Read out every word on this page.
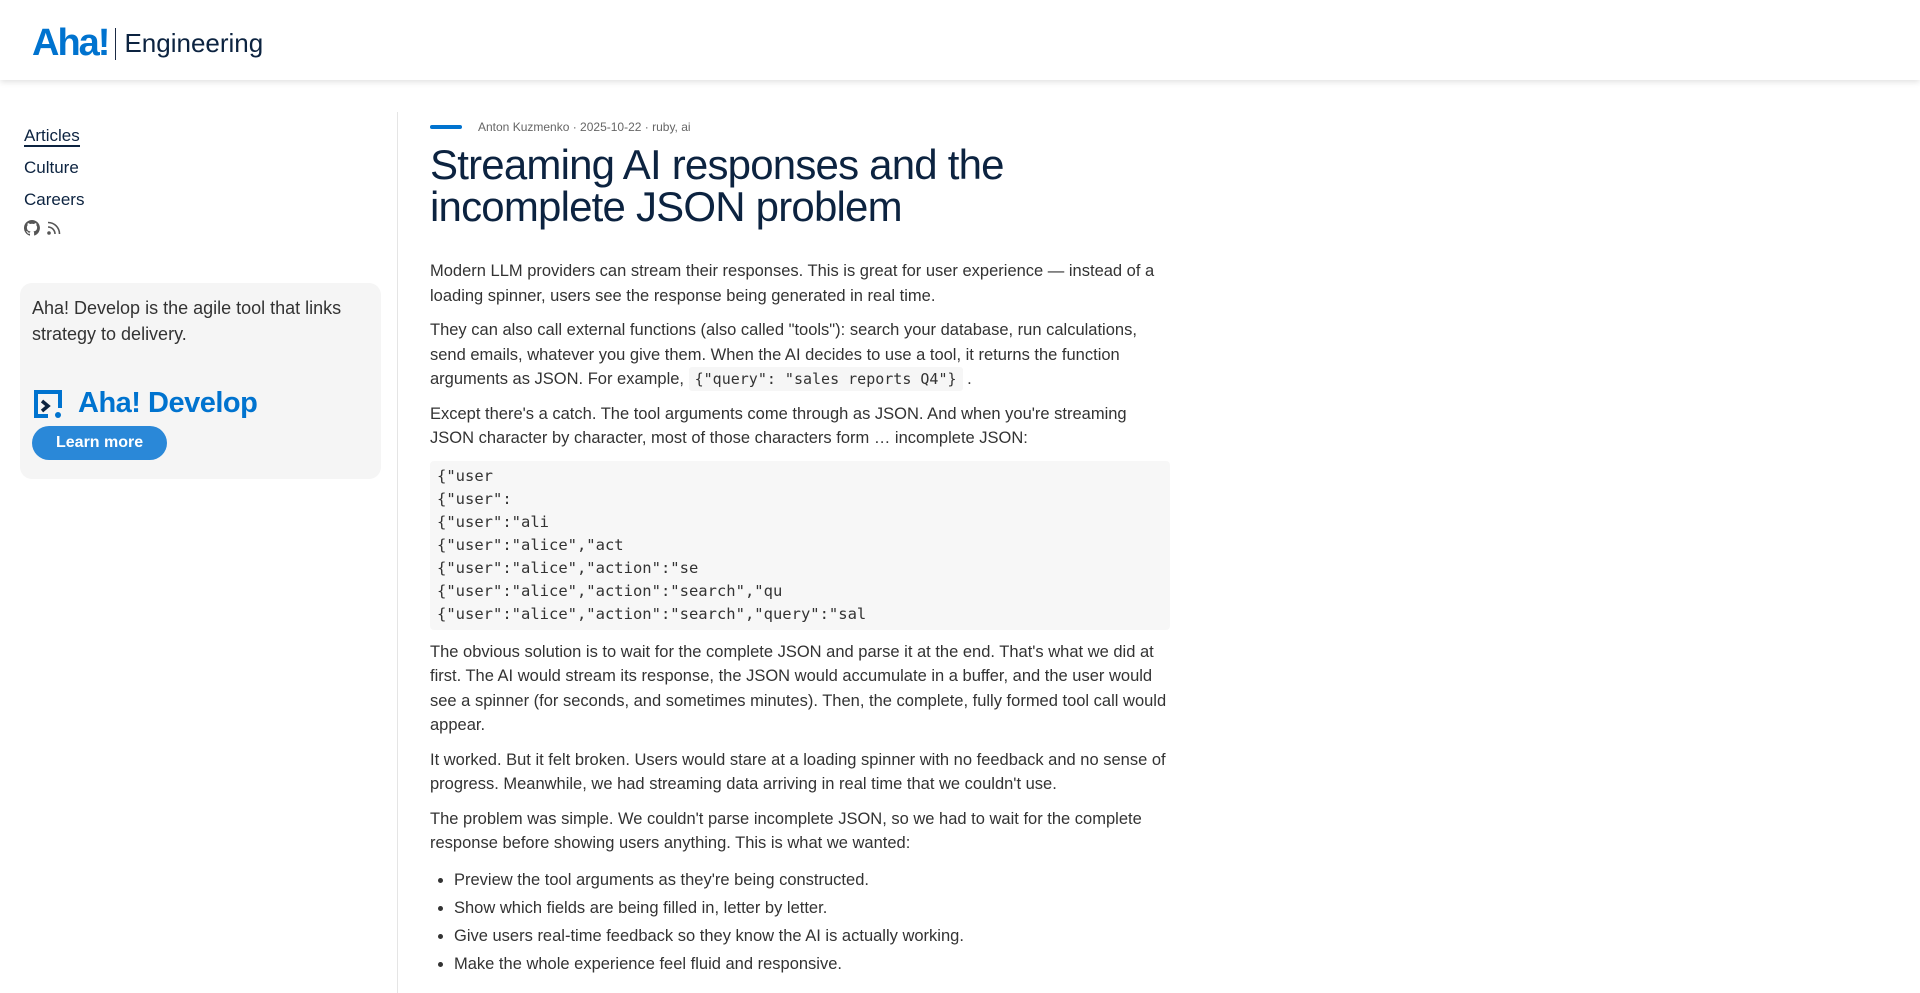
Aha! Engineering
Articles
Culture
Careers

Aha! Develop is the agile tool that links strategy to delivery.

Aha! Develop
Learn more
Anton Kuzmenko · 2025-10-22 · ruby, ai
Streaming AI responses and the incomplete JSON problem

Modern LLM providers can stream their responses. This is great for user experience — instead of a loading spinner, users see the response being generated in real time.

They can also call external functions (also called "tools"): search your database, run calculations, send emails, whatever you give them. When the AI decides to use a tool, it returns the function arguments as JSON. For example, {"query": "sales reports Q4"} .

Except there's a catch. The tool arguments come through as JSON. And when you're streaming JSON character by character, most of those characters form … incomplete JSON:

{"user
{"user":
{"user":"ali
{"user":"alice","act
{"user":"alice","action":"se
{"user":"alice","action":"search","qu
{"user":"alice","action":"search","query":"sal

The obvious solution is to wait for the complete JSON and parse it at the end. That's what we did at first. The AI would stream its response, the JSON would accumulate in a buffer, and the user would see a spinner (for seconds, and sometimes minutes). Then, the complete, fully formed tool call would appear.

It worked. But it felt broken. Users would stare at a loading spinner with no feedback and no sense of progress. Meanwhile, we had streaming data arriving in real time that we couldn't use.

The problem was simple. We couldn't parse incomplete JSON, so we had to wait for the complete response before showing users anything. This is what we wanted:

• Preview the tool arguments as they're being constructed.
• Show which fields are being filled in, letter by letter.
• Give users real-time feedback so they know the AI is actually working.
• Make the whole experience feel fluid and responsive.
